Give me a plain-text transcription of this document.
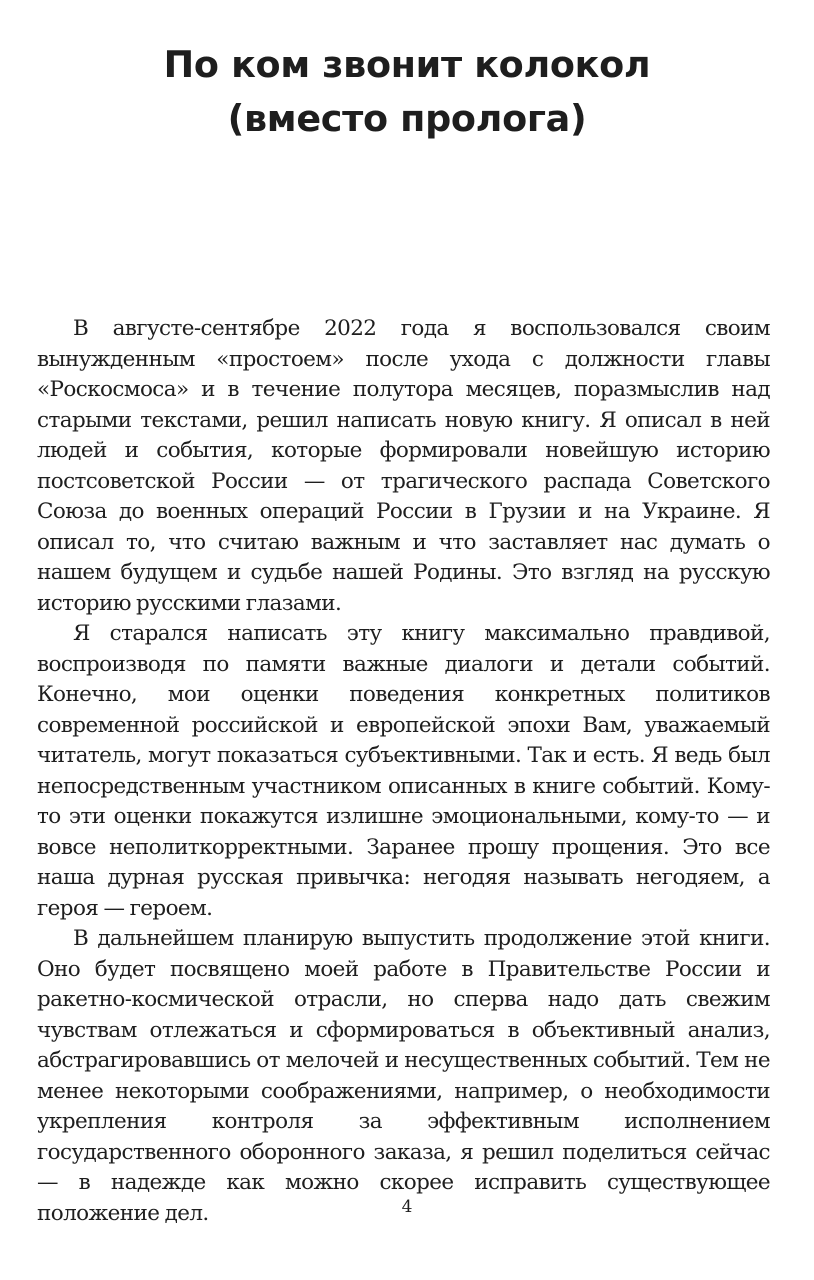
По ком звонит колокол
(вместо пролога)

В августе-сентябре 2022 года я воспользовался своим вынужденным «простоем» после ухода с должности главы «Роскосмоса» и в течение полутора месяцев, поразмыслив над старыми текстами, решил написать новую книгу. Я описал в ней людей и события, которые формировали новейшую историю постсоветской России — от трагического распада Советского Союза до военных операций России в Грузии и на Украине. Я описал то, что считаю важным и что заставляет нас думать о нашем будущем и судьбе нашей Родины. Это взгляд на русскую историю русскими глазами.

Я старался написать эту книгу максимально правдивой, воспроизводя по памяти важные диалоги и детали событий. Конечно, мои оценки поведения конкретных политиков современной российской и европейской эпохи Вам, уважаемый читатель, могут показаться субъективными. Так и есть. Я ведь был непосредственным участником описанных в книге событий. Кому-то эти оценки покажутся излишне эмоциональными, кому-то — и вовсе неполиткорректными. Заранее прошу прощения. Это все наша дурная русская привычка: негодяя называть негодяем, а героя — героем.

В дальнейшем планирую выпустить продолжение этой книги. Оно будет посвящено моей работе в Правительстве России и ракетно-космической отрасли, но сперва надо дать свежим чувствам отлежаться и сформироваться в объективный анализ, абстрагировавшись от мелочей и несущественных событий. Тем не менее некоторыми соображениями, например, о необходимости укрепления контроля за эффективным исполнением государственного оборонного заказа, я решил поделиться сейчас — в надежде как можно скорее исправить существующее положение дел.	4
